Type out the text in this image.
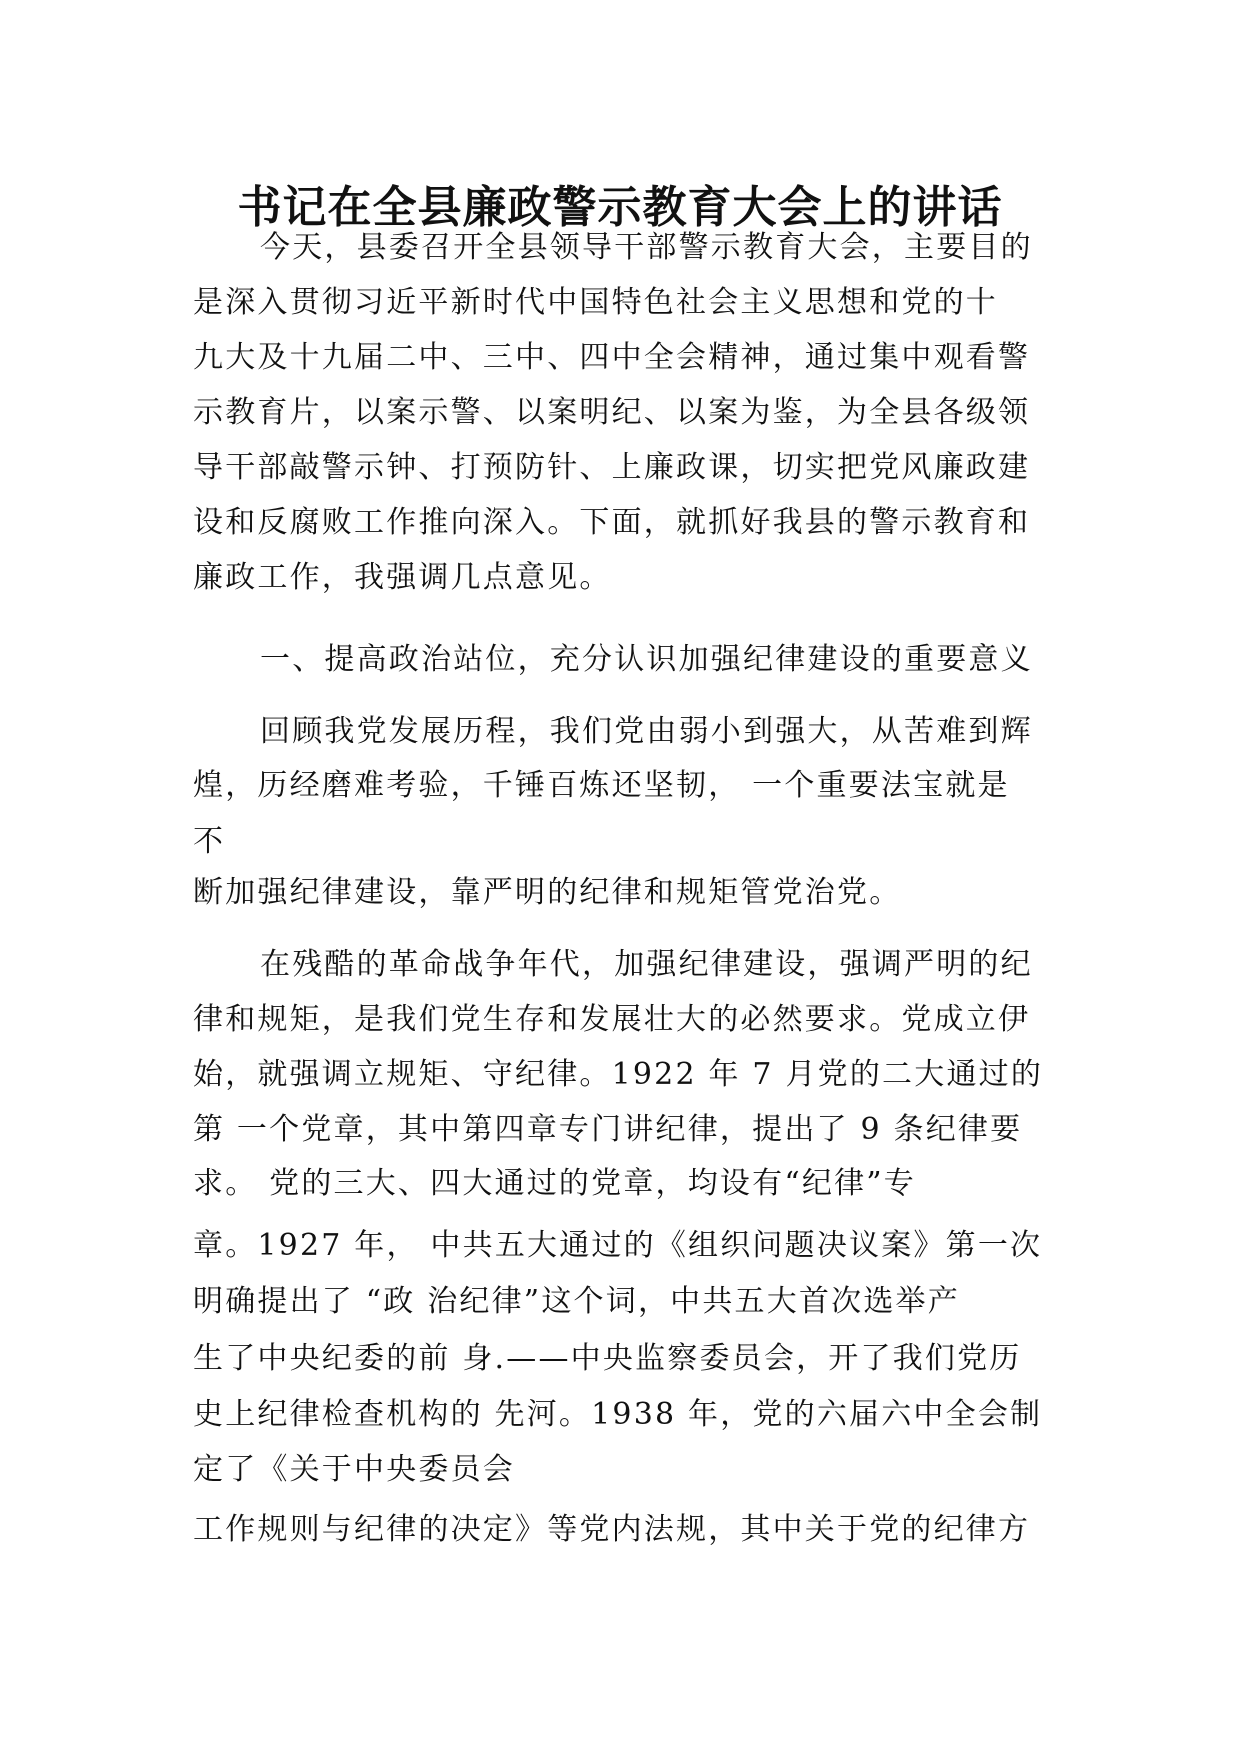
书记在全县廉政警示教育大会上的讲话
今天，县委召开全县领导干部警示教育大会，主要目的
是深入贯彻习近平新时代中国特色社会主义思想和党的十
九大及十九届二中、三中、四中全会精神，通过集中观看警
示教育片，以案示警、以案明纪、以案为鉴，为全县各级领
导干部敲警示钟、打预防针、上廉政课，切实把党风廉政建
设和反腐败工作推向深入。下面，就抓好我县的警示教育和
廉政工作，我强调几点意见。
一、提高政治站位，充分认识加强纪律建设的重要意义
回顾我党发展历程，我们党由弱小到强大，从苦难到辉
煌，历经磨难考验，千锤百炼还坚韧， 一个重要法宝就是
不
断加强纪律建设，靠严明的纪律和规矩管党治党。
在残酷的革命战争年代，加强纪律建设，强调严明的纪
律和规矩，是我们党生存和发展壮大的必然要求。党成立伊
始，就强调立规矩、守纪律。1922 年 7 月党的二大通过的
第 一个党章，其中第四章专门讲纪律，提出了 9 条纪律要
求。 党的三大、四大通过的党章，均设有“纪律”专
章。1927 年， 中共五大通过的《组织问题决议案》第一次
明确提出了 “政 治纪律”这个词，中共五大首次选举产
生了中央纪委的前 身.——中央监察委员会，开了我们党历
史上纪律检查机构的 先河。1938 年，党的六届六中全会制
定了《关于中央委员会
工作规则与纪律的决定》等党内法规，其中关于党的纪律方
